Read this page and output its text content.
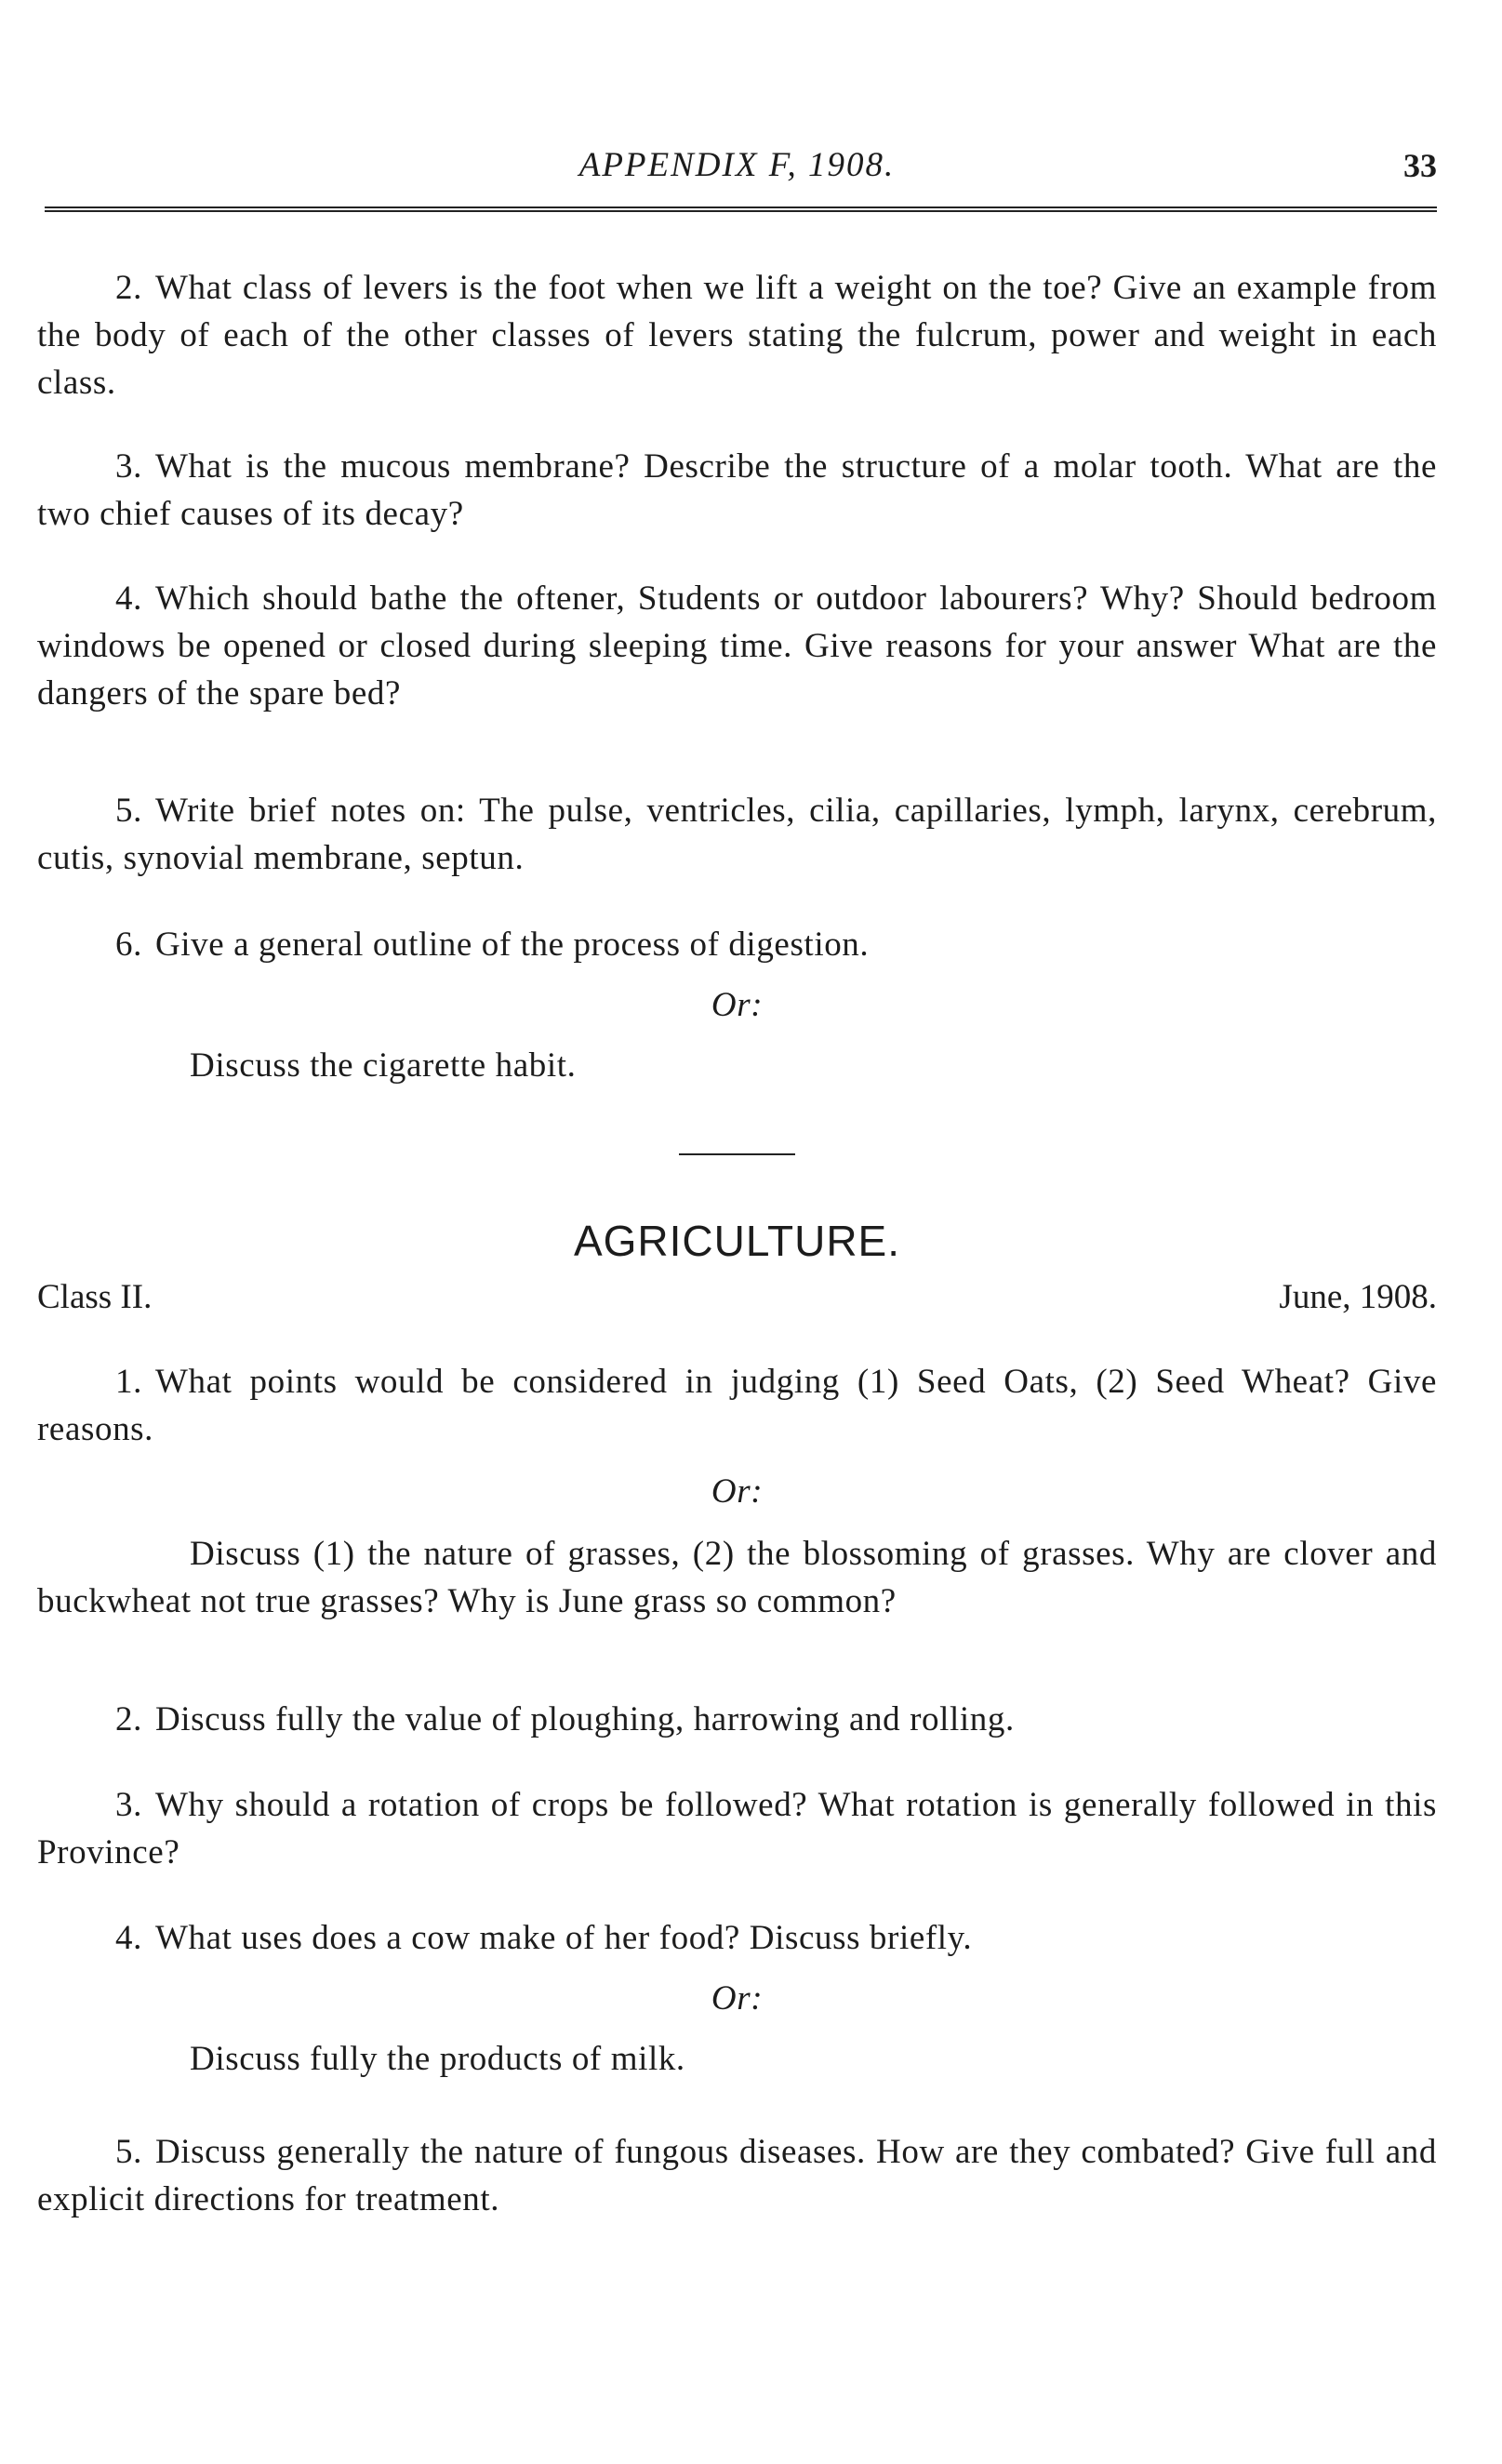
APPENDIX F, 1908.	33

2. What class of levers is the foot when we lift a weight on the toe? Give an example from the body of each of the other classes of levers stating the fulcrum, power and weight in each class.

3. What is the mucous membrane? Describe the structure of a molar tooth. What are the two chief causes of its decay?

4. Which should bathe the oftener, Students or outdoor labourers? Why? Should bedroom windows be opened or closed during sleeping time. Give reasons for your answer What are the dangers of the spare bed?

5. Write brief notes on: The pulse, ventricles, cilia, capillaries, lymph, larynx, cerebrum, cutis, synovial membrane, septun.

6. Give a general outline of the process of digestion.

Or:

Discuss the cigarette habit.

AGRICULTURE.
Class II.	June, 1908.

1. What points would be considered in judging (1) Seed Oats, (2) Seed Wheat? Give reasons.

Or:

Discuss (1) the nature of grasses, (2) the blossoming of grasses. Why are clover and buckwheat not true grasses? Why is June grass so common?

2. Discuss fully the value of ploughing, harrowing and rolling.

3. Why should a rotation of crops be followed? What rotation is generally followed in this Province?

4. What uses does a cow make of her food? Discuss briefly.

Or:

Discuss fully the products of milk.

5. Discuss generally the nature of fungous diseases. How are they combated? Give full and explicit directions for treatment.
